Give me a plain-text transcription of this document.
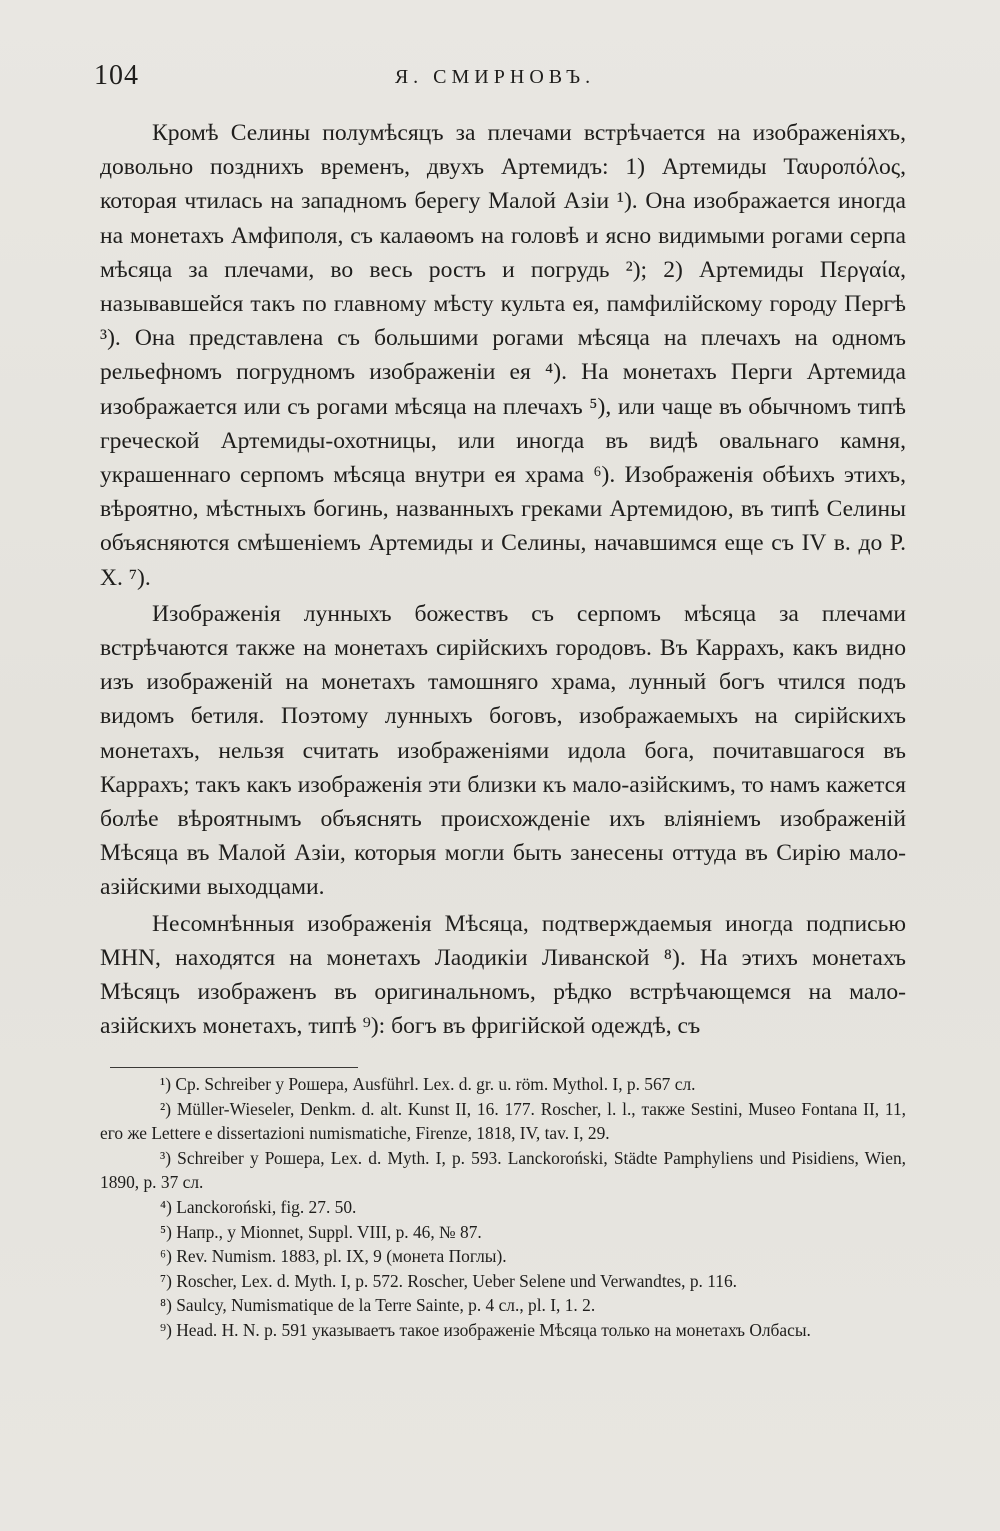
104	Я. СМИРНОВЪ.

Кромѣ Селины полумѣсяцъ за плечами встрѣчается на изображеніяхъ, довольно позднихъ временъ, двухъ Артемидъ: 1) Артемиды Ταυροπόλος, которая чтилась на западномъ берегу Малой Азіи ¹). Она изображается иногда на монетахъ Амфиполя, съ калаѳомъ на головѣ и ясно видимыми рогами серпа мѣсяца за плечами, во весь ростъ и погрудь ²); 2) Артемиды Περγαία, называвшейся такъ по главному мѣсту культа ея, памфилійскому городу Пергѣ ³). Она представлена съ большими рогами мѣсяца на плечахъ на одномъ рельефномъ погрудномъ изображеніи ея ⁴). На монетахъ Перги Артемида изображается или съ рогами мѣсяца на плечахъ ⁵), или чаще въ обычномъ типѣ греческой Артемиды-охотницы, или иногда въ видѣ овальнаго камня, украшеннаго серпомъ мѣсяца внутри ея храма ⁶). Изображенія обѣихъ этихъ, вѣроятно, мѣстныхъ богинь, названныхъ греками Артемидою, въ типѣ Селины объясняются смѣшеніемъ Артемиды и Селины, начавшимся еще съ IV в. до Р. Х. ⁷).

Изображенія лунныхъ божествъ съ серпомъ мѣсяца за плечами встрѣчаются также на монетахъ сирійскихъ городовъ. Въ Каррахъ, какъ видно изъ изображеній на монетахъ тамошняго храма, лунный богъ чтился подъ видомъ бетиля. Поэтому лунныхъ боговъ, изображаемыхъ на сирійскихъ монетахъ, нельзя считать изображеніями идола бога, почитавшагося въ Каррахъ; такъ какъ изображенія эти близки къ мало-азійскимъ, то намъ кажется болѣе вѣроятнымъ объяснять происхожденіе ихъ вліяніемъ изображеній Мѣсяца въ Малой Азіи, которыя могли быть занесены оттуда въ Сирію мало-азійскими выходцами.

Несомнѣнныя изображенія Мѣсяца, подтверждаемыя иногда подписью MHN, находятся на монетахъ Лаодикіи Ливанской ⁸). На этихъ монетахъ Мѣсяцъ изображенъ въ оригинальномъ, рѣдко встрѣчающемся на мало-азійскихъ монетахъ, типѣ ⁹): богъ въ фригійской одеждѣ, съ

¹) Cp. Schreiber у Рошера, Ausführl. Lex. d. gr. u. röm. Mythol. I, p. 567 сл.

²) Müller-Wieseler, Denkm. d. alt. Kunst II, 16. 177. Roscher, l. l., также Sestini, Museo Fontana II, 11, его же Lettere e dissertazioni numismatiche, Firenze, 1818, IV, tav. I, 29.

³) Schreiber у Рошера, Lex. d. Myth. I, p. 593. Lanckoroński, Städte Pamphyliens und Pisidiens, Wien, 1890, p. 37 сл.

⁴) Lanckoroński, fig. 27. 50.

⁵) Напр., у Mionnet, Suppl. VIII, p. 46, № 87.

⁶) Rev. Numism. 1883, pl. IX, 9 (монета Поглы).

⁷) Roscher, Lex. d. Myth. I, p. 572. Roscher, Ueber Selene und Verwandtes, p. 116.

⁸) Saulcy, Numismatique de la Terre Sainte, p. 4 сл., pl. I, 1. 2.

⁹) Head. H. N. p. 591 указываетъ такое изображеніе Мѣсяца только на монетахъ Олбасы.
